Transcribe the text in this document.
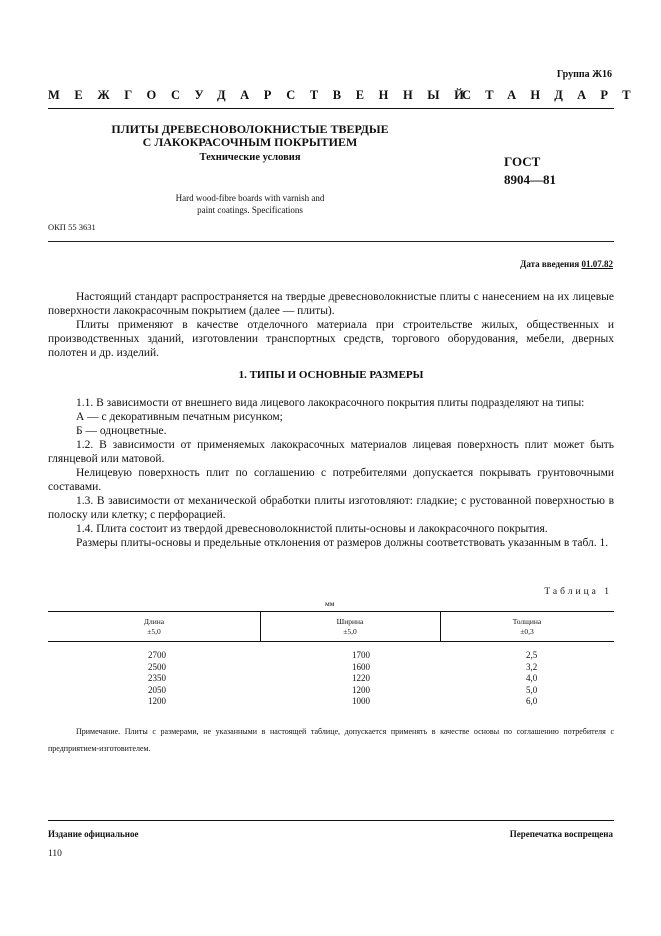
Группа Ж16
МЕЖГОСУДАРСТВЕННЫЙ
СТАНДАРТ
ПЛИТЫ ДРЕВЕСНОВОЛОКНИСТЫЕ ТВЕРДЫЕ
С ЛАКОКРАСОЧНЫМ ПОКРЫТИЕМ
Технические условия	ГОСТ
8904—81
Hard wood-fibre boards with varnish and
paint coatings. Specifications
ОКП 55 3631
Дата введения 01.07.82

Настоящий стандарт распространяется на твердые древесноволокнистые плиты с нанесением на их лицевые поверхности лакокрасочным покрытием (далее — плиты).

Плиты применяют в качестве отделочного материала при строительстве жилых, общественных и производственных зданий, изготовлении транспортных средств, торгового оборудования, мебели, дверных полотен и др. изделий.

1. ТИПЫ И ОСНОВНЫЕ РАЗМЕРЫ

1.1. В зависимости от внешнего вида лицевого лакокрасочного покрытия плиты подразделяют на типы:

А — с декоративным печатным рисунком;

Б — одноцветные.

1.2. В зависимости от применяемых лакокрасочных материалов лицевая поверхность плит может быть глянцевой или матовой.

Нелицевую поверхность плит по соглашению с потребителями допускается покрывать грунтовочными составами.

1.3. В зависимости от механической обработки плиты изготовляют: гладкие; с рустованной поверхностью в полоску или клетку; с перфорацией.

1.4. Плита состоит из твердой древесноволокнистой плиты-основы и лакокрасочного покрытия.

Размеры плиты-основы и предельные отклонения от размеров должны соответствовать указанным в табл. 1.

Таблица 1
мм
Длина
±5,0
Ширина
±5,0
Толщина
±0,3
2700
2500
2350
2050
1200
1700
1600
1220
1200
1000
2,5
3,2
4,0
5,0
6,0
Примечание. Плиты с размерами, не указанными в настоящей таблице, допускается применять в качестве основы по соглашению потребителя с предприятием-изготовителем.
Издание официальное	Перепечатка воспрещена
110
